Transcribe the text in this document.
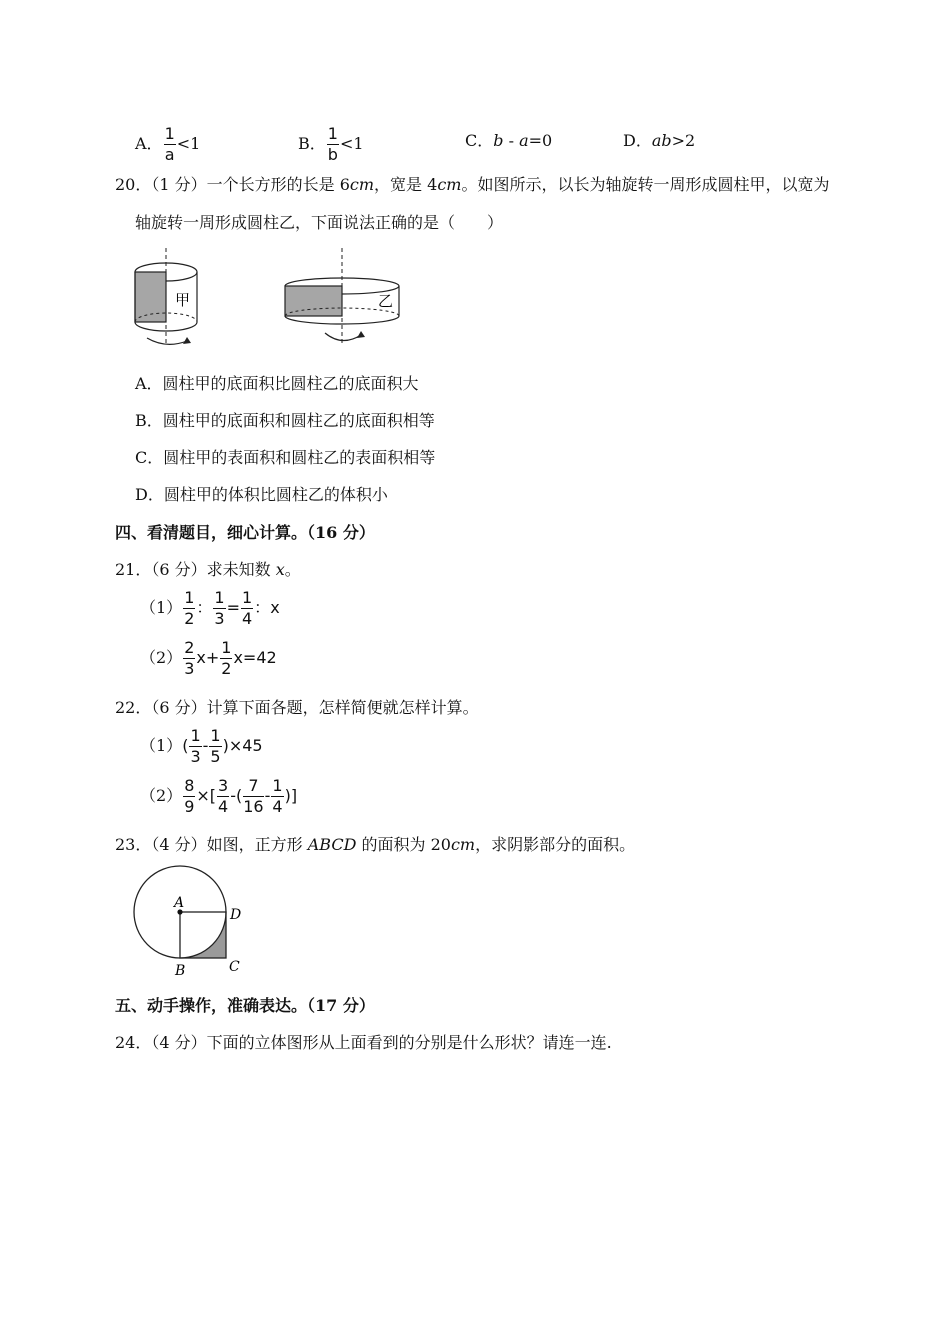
A． $\frac{1}{a} <1$	B． $\frac{1}{b} <1$	C．b - a=0	D．ab>2
20．（1 分）一个长方形的长是 6cm，宽是 4cm。如图所示，以长为轴旋转一周形成圆柱甲，以宽为
轴旋转一周形成圆柱乙，下面说法正确的是（　　）
甲	乙
A．圆柱甲的底面积比圆柱乙的底面积大
B．圆柱甲的底面积和圆柱乙的底面积相等
C．圆柱甲的表面积和圆柱乙的表面积相等
D．圆柱甲的体积比圆柱乙的体积小
四、看清题目，细心计算。（16 分）
21．（6 分）求未知数 x。
$(1) \frac{1}{2}$ ： $\frac{1}{3} = \frac{1}{4}$ ：x
$(2) \frac{2}{3} x+ \frac{1}{2} x=42$
22．（6 分）计算下面各题，怎样简便就怎样计算。
$(1)( \frac{1}{3} - \frac{1}{5} )\times 45$
$(2) \frac{8}{9}$ ×[ $\frac{3}{4}$ -( $\frac{7}{16} - \frac{1}{4}$ )]
23．（4 分）如图，正方形 ABCD 的面积为 20cm，求阴影部分的面积。
A
D
B	C
五、动手操作，准确表达。（17 分）
24．（4 分）下面的立体图形从上面看到的分别是什么形状？请连一连.
